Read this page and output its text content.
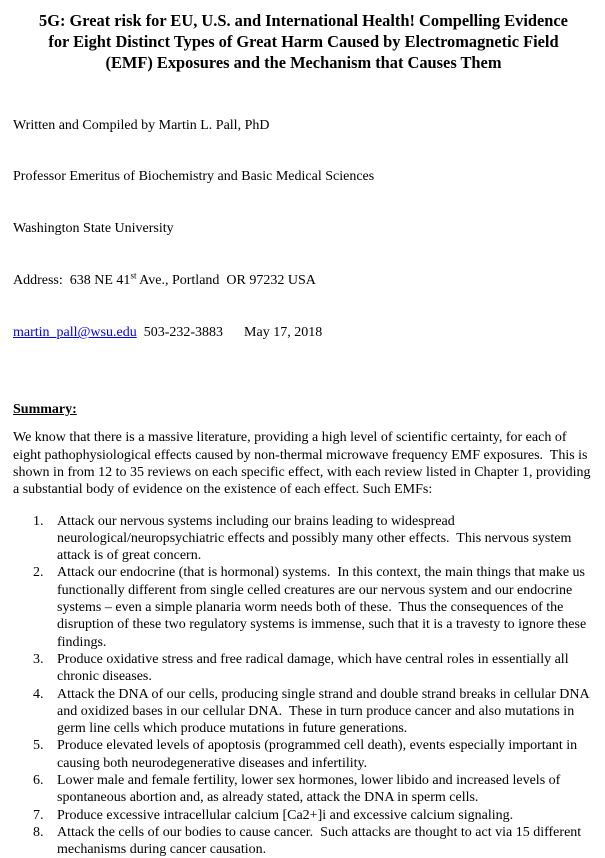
5G: Great risk for EU, U.S. and International Health! Compelling Evidence for Eight Distinct Types of Great Harm Caused by Electromagnetic Field (EMF) Exposures and the Mechanism that Causes Them

Written and Compiled by Martin L. Pall, PhD

Professor Emeritus of Biochemistry and Basic Medical Sciences

Washington State University

Address:  638 NE 41st Ave., Portland  OR 97232 USA

martin_pall@wsu.edu 503-232-3883 May 17, 2018

Summary:

We know that there is a massive literature, providing a high level of scientific certainty, for each of eight pathophysiological effects caused by non-thermal microwave frequency EMF exposures.  This is shown in from 12 to 35 reviews on each specific effect, with each review listed in Chapter 1, providing a substantial body of evidence on the existence of each effect. Such EMFs:

1. Attack our nervous systems including our brains leading to widespread neurological/neuropsychiatric effects and possibly many other effects.  This nervous system attack is of great concern.
2. Attack our endocrine (that is hormonal) systems.  In this context, the main things that make us functionally different from single celled creatures are our nervous system and our endocrine systems – even a simple planaria worm needs both of these.  Thus the consequences of the disruption of these two regulatory systems is immense, such that it is a travesty to ignore these findings.
3. Produce oxidative stress and free radical damage, which have central roles in essentially all chronic diseases.
4. Attack the DNA of our cells, producing single strand and double strand breaks in cellular DNA and oxidized bases in our cellular DNA.  These in turn produce cancer and also mutations in germ line cells which produce mutations in future generations.
5. Produce elevated levels of apoptosis (programmed cell death), events especially important in causing both neurodegenerative diseases and infertility.
6. Lower male and female fertility, lower sex hormones, lower libido and increased levels of spontaneous abortion and, as already stated, attack the DNA in sperm cells.
7. Produce excessive intracellular calcium [Ca2+]i and excessive calcium signaling.
8. Attack the cells of our bodies to cause cancer.  Such attacks are thought to act via 15 different mechanisms during cancer causation.
